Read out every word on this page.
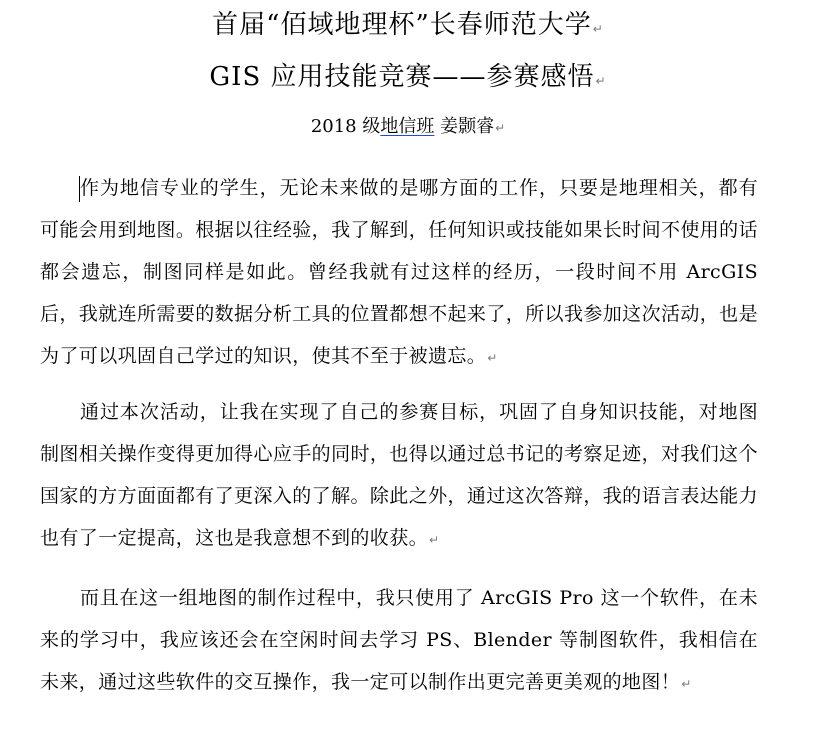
首届“佰域地理杯”长春师范大学↵
GIS 应用技能竞赛——参赛感悟↵
2018 级地信班 姜颢睿↵

作为地信专业的学生，无论未来做的是哪方面的工作，只要是地理相关，都有可能会用到地图。根据以往经验，我了解到，任何知识或技能如果长时间不使用的话都会遗忘，制图同样是如此。曾经我就有过这样的经历，一段时间不用 ArcGIS 后，我就连所需要的数据分析工具的位置都想不起来了，所以我参加这次活动，也是为了可以巩固自己学过的知识，使其不至于被遗忘。↵

通过本次活动，让我在实现了自己的参赛目标，巩固了自身知识技能，对地图制图相关操作变得更加得心应手的同时，也得以通过总书记的考察足迹，对我们这个国家的方方面面都有了更深入的了解。除此之外，通过这次答辩，我的语言表达能力也有了一定提高，这也是我意想不到的收获。↵

而且在这一组地图的制作过程中，我只使用了 ArcGIS Pro 这一个软件，在未来的学习中，我应该还会在空闲时间去学习 PS、Blender 等制图软件，我相信在未来，通过这些软件的交互操作，我一定可以制作出更完善更美观的地图！↵
